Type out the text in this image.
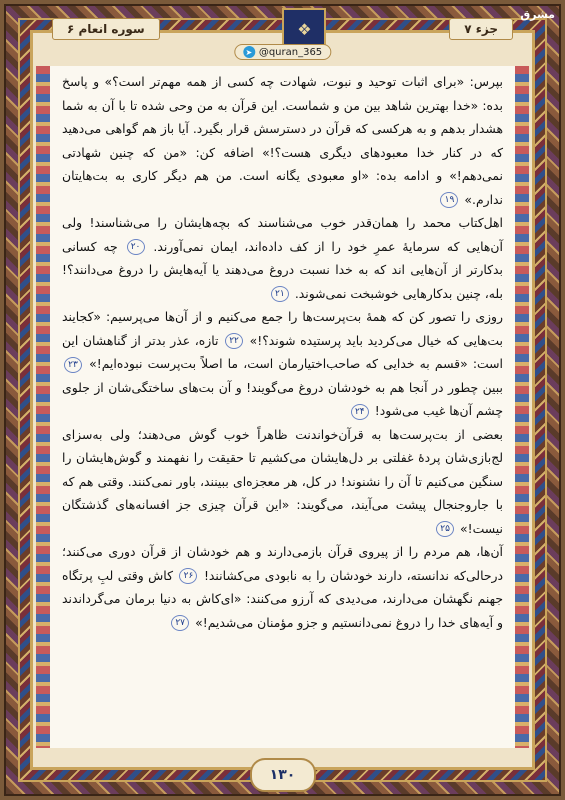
مشرق
سوره انعام ۶	❖	جزء ۷
➤ @quran_365

بپرس: «برای اثبات توحید و نبوت، شهادت چه کسی از همه مهم‌تر است؟» و پاسخ بده: «خدا بهترین شاهد بین من و شماست. این قرآن به من وحی شده تا با آن به شما هشدار بدهم و به هرکسی که قرآن در دسترسش قرار بگیرد. آیا باز هم گواهی می‌دهید که در کنار خدا معبودهای دیگری هست؟!» اضافه کن: «من که چنین شهادتی نمی‌دهم!» و ادامه بده: «او معبودی یگانه است. من هم دیگر کاری به بت‌هایتان ندارم.» ۱۹

اهل‌کتاب محمد را همان‌قدر خوب می‌شناسند که بچه‌هایشان را می‌شناسند! ولی آن‌هایی که سرمایهٔ عمرِ خود را از کف داده‌اند، ایمان نمی‌آورند. ۲۰ چه کسانی بدکارتر از آن‌هایی اند که به خدا نسبت دروغ می‌دهند یا آیه‌هایش را دروغ می‌دانند؟! بله، چنین بدکارهایی خوشبخت نمی‌شوند. ۲۱

روزی را تصور کن که همهٔ بت‌پرست‌ها را جمع می‌کنیم و از آن‌ها می‌پرسیم: «کجایند بت‌هایی که خیال می‌کردید باید پرستیده شوند؟!» ۲۲ تازه، عذر بدتر از گناهشان این است: «قسم به خدایی که صاحب‌اختیارمان است، ما اصلاً بت‌پرست نبوده‌ایم!» ۲۳ ببین چطور در آنجا هم به خودشان دروغ می‌گویند! و آن بت‌های ساختگی‌شان از جلوی چشم آن‌ها غیب می‌شود! ۲۴

بعضی از بت‌پرست‌ها به قرآن‌خواندنت ظاهراً خوب گوش می‌دهند؛ ولی به‌سزای لج‌بازی‌شان پردهٔ غفلتی بر دل‌هایشان می‌کشیم تا حقیقت را نفهمند و گوش‌هایشان را سنگین می‌کنیم تا آن را نشنوند! در کل، هر معجزه‌ای ببینند، باور نمی‌کنند. وقتی هم که با جاروجنجال پیشت می‌آیند، می‌گویند: «این قرآن چیزی جز افسانه‌های گذشتگان نیست!» ۲۵

آن‌ها، هم مردم را از پیروی قرآن بازمی‌دارند و هم خودشان از قرآن دوری می‌کنند؛ درحالی‌که ندانسته، دارند خودشان را به نابودی می‌کشانند! ۲۶ کاش وقتی لبِ پرتگاه جهنم نگهشان می‌دارند، می‌دیدی که آرزو می‌کنند: «ای‌کاش به دنیا برمان می‌گرداندند و آیه‌های خدا را دروغ نمی‌دانستیم و جزو مؤمنان می‌شدیم!» ۲۷

۱۳۰
